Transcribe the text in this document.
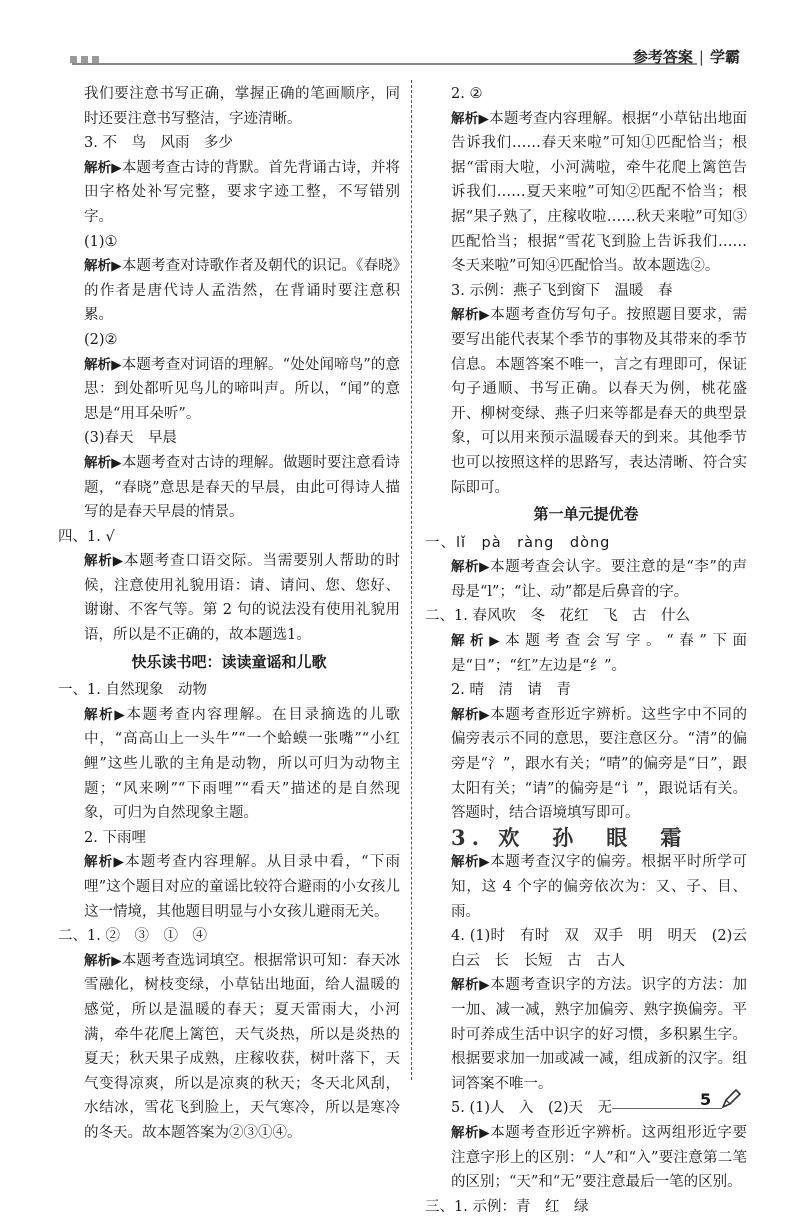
参考答案 | 学霸

我们要注意书写正确，掌握正确的笔画顺序，同时还要注意书写整洁，字迹清晰。

3. 不　鸟　风雨　多少

解析▶本题考查古诗的背默。首先背诵古诗，并将田字格处补写完整，要求字迹工整，不写错别字。

(1)①

解析▶本题考查对诗歌作者及朝代的识记。《春晓》的作者是唐代诗人孟浩然，在背诵时要注意积累。

(2)②

解析▶本题考查对词语的理解。“处处闻啼鸟”的意思：到处都听见鸟儿的啼叫声。所以，“闻”的意思是“用耳朵听”。

(3)春天　早晨

解析▶本题考查对古诗的理解。做题时要注意看诗题，“春晓”意思是春天的早晨，由此可得诗人描写的是春天早晨的情景。

四、1. √

解析▶本题考查口语交际。当需要别人帮助的时候，注意使用礼貌用语：请、请问、您、您好、谢谢、不客气等。第 2 句的说法没有使用礼貌用语，所以是不正确的，故本题选1。

快乐读书吧：读读童谣和儿歌

一、1. 自然现象　动物

解析▶本题考查内容理解。在目录摘选的儿歌中，“高高山上一头牛”“一个蛤蟆一张嘴”“小红鲤”这些儿歌的主角是动物，所以可归为动物主题；“风来咧”“下雨哩”“看天”描述的是自然现象，可归为自然现象主题。

2. 下雨哩

解析▶本题考查内容理解。从目录中看，“下雨哩”这个题目对应的童谣比较符合避雨的小女孩儿这一情境，其他题目明显与小女孩儿避雨无关。

二、1. ②　③　①　④

解析▶本题考查选词填空。根据常识可知：春天冰雪融化，树枝变绿，小草钻出地面，给人温暖的感觉，所以是温暖的春天；夏天雷雨大，小河满，牵牛花爬上篱笆，天气炎热，所以是炎热的夏天；秋天果子成熟，庄稼收获，树叶落下，天气变得凉爽，所以是凉爽的秋天；冬天北风刮，水结冰，雪花飞到脸上，天气寒冷，所以是寒冷的冬天。故本题答案为②③①④。

2. ②

解析▶本题考查内容理解。根据“小草钻出地面告诉我们……春天来啦”可知①匹配恰当；根据“雷雨大啦，小河满啦，牵牛花爬上篱笆告诉我们……夏天来啦”可知②匹配不恰当；根据“果子熟了，庄稼收啦……秋天来啦”可知③匹配恰当；根据“雪花飞到脸上告诉我们……冬天来啦”可知④匹配恰当。故本题选②。

3. 示例：燕子飞到窗下　温暖　春

解析▶本题考查仿写句子。按照题目要求，需要写出能代表某个季节的事物及其带来的季节信息。本题答案不唯一，言之有理即可，保证句子通顺、书写正确。以春天为例，桃花盛开、柳树变绿、燕子归来等都是春天的典型景象，可以用来预示温暖春天的到来。其他季节也可以按照这样的思路写，表达清晰、符合实际即可。

第一单元提优卷

一、lǐ　pà　ràng　dòng

解析▶本题考查会认字。要注意的是“李”的声母是“l”；“让、动”都是后鼻音的字。

二、1. 春风吹　冬　花红　飞　古　什么

解析▶本题考查会写字。“春”下面是“日”；“红”左边是“纟”。

2. 晴　清　请　青

解析▶本题考查形近字辨析。这些字中不同的偏旁表示不同的意思，要注意区分。“清”的偏旁是“氵”，跟水有关；“晴”的偏旁是“日”，跟太阳有关；“请”的偏旁是“讠”，跟说话有关。答题时，结合语境填写即可。

3. 欢　孙　眼　霜

解析▶本题考查汉字的偏旁。根据平时所学可知，这 4 个字的偏旁依次为：又、子、目、雨。

4. (1)时　有时　双　双手　明　明天　(2)云　白云　长　长短　古　古人

解析▶本题考查识字的方法。识字的方法：加一加、减一减，熟字加偏旁、熟字换偏旁。平时可养成生活中识字的好习惯，多积累生字。根据要求加一加或减一减，组成新的汉字。组词答案不唯一。

5. (1)人　入　(2)天　无

解析▶本题考查形近字辨析。这两组形近字要注意字形上的区别：“人”和“入”要注意第二笔的区别；“天”和“无”要注意最后一笔的区别。

三、1. 示例：青　红　绿

5
